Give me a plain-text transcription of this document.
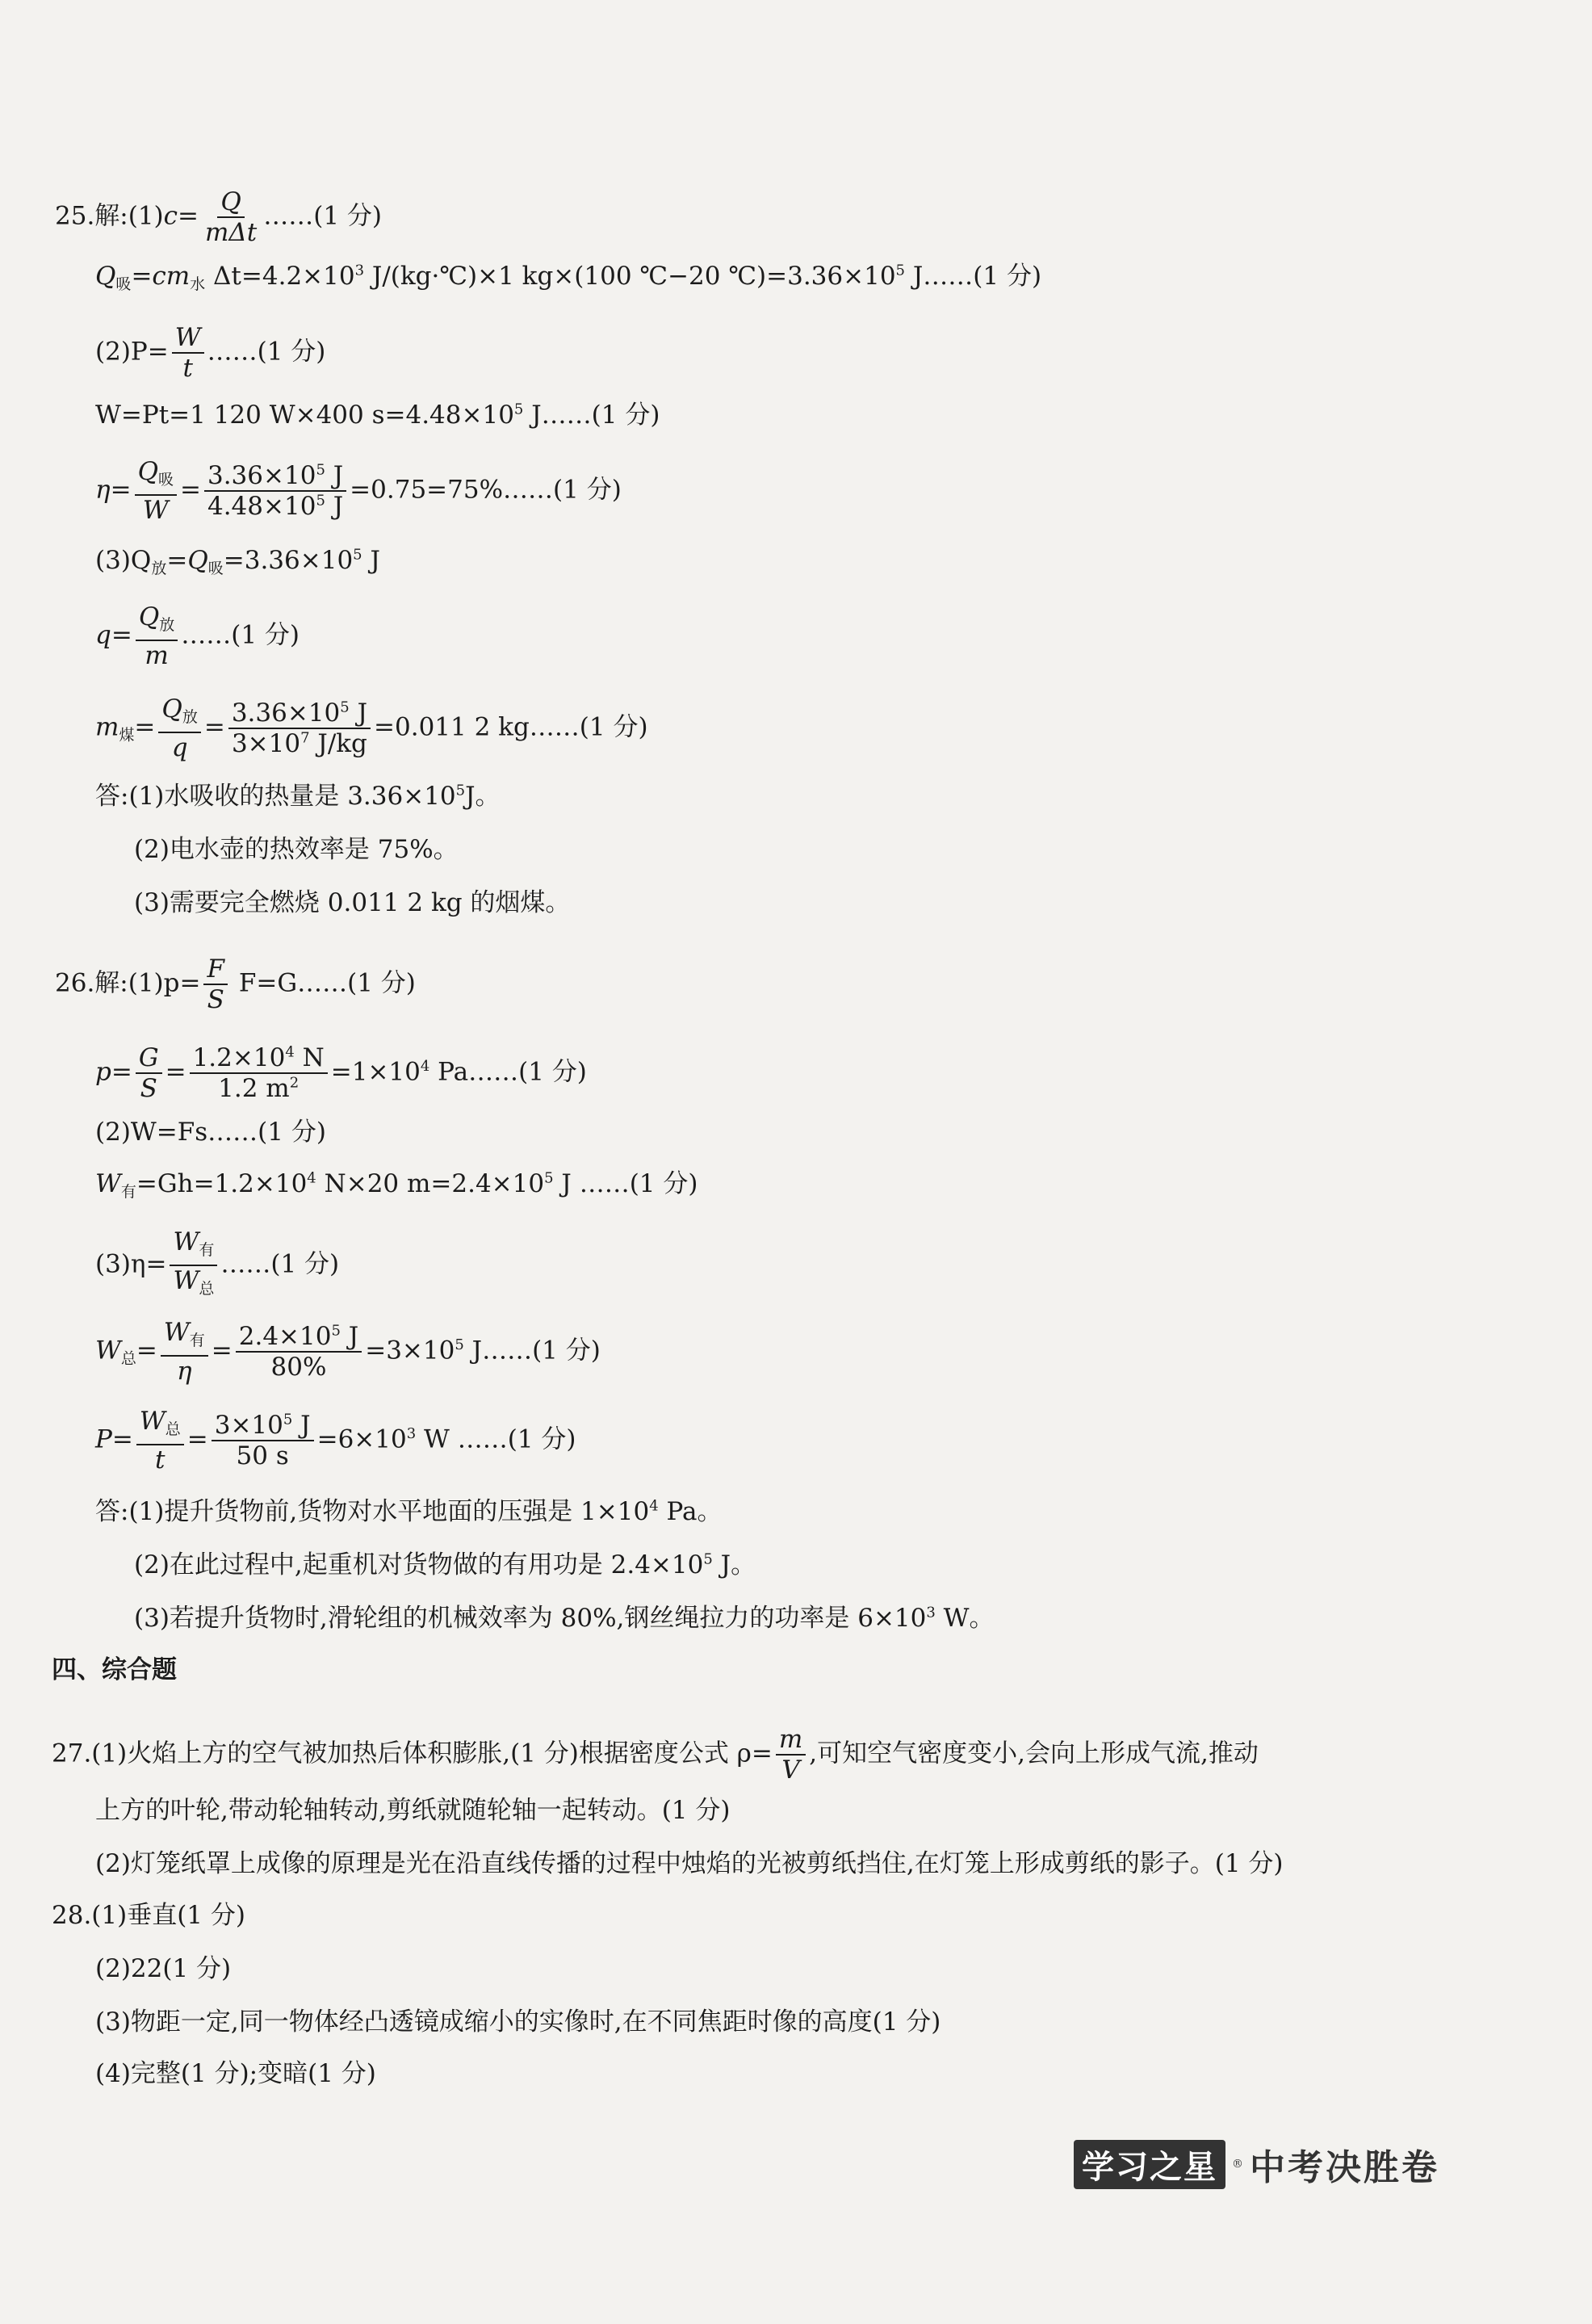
25.解:(1)c= $\frac{Q}{\text{mΔt}}$ ……(1 分)
$Q_吸=cm_水$ $\Delta t=4.2\times 10^3$ J/(kg·℃)×1 kg×(100 ℃−20 $℃)=3.36\times 10^5$ J……(1 分)
$(2)P= \frac{W}{t}$ ……(1 分)
W=Pt=1 120 W×400 $s=4.48\times 10^5$ J……(1 分)
$\eta= \frac{Q_吸}{W} = \frac{3.36\times 10^5 J}{4.48\times 10^5 J}$ =0.75=75%……(1 分)
$(3)Q_放=Q_吸=3.36\times 10^5$ J
$q= \frac{Q_放}{m}$ ……(1 分)
$m_煤= \frac{Q_放}{q} = \frac{3.36\times 10^5 J}{3\times 10^7 J/kg} =0.011$ 2 kg……(1 分)
答:(1)水吸收的热量是 $3.36\times 10^5J$。
(2)电水壶的热效率是 75%。
(3)需要完全燃烧 0.011 2 kg 的烟煤。
26.解:(1)p= $\frac{F}{S}$ F=G……(1 分)
$p= \frac{G}{S} = \frac{1.2\times 10^4 N}{1.2 m^2} =1\times 10^4$ Pa……(1 分)
(2)W=Fs……(1 分)
$W_有=Gh=1.2\times 10^4$ N×20 $m=2.4\times 10^5$ J ……(1 分)
$(3)\eta= \frac{W_有}{W_总}$ ……(1 分)
$W_总= \frac{W_有}{\eta} = \frac{2.4\times 10^5 J}{80\%} =3\times 10^5$ J……(1 分)
$P= \frac{W_总}{t} = \frac{3\times 10^5 J}{50 s} =6\times 10^3$ W ……(1 分)
答:(1)提升货物前,货物对水平地面的压强是 $1\times 10^4$ Pa。
(2)在此过程中,起重机对货物做的有用功是 $2.4\times 10^5$ J。
(3)若提升货物时,滑轮组的机械效率为 80%,钢丝绳拉力的功率是 $6\times 10^3$ W。
四、综合题
27.(1)火焰上方的空气被加热后体积膨胀,(1 分)根据密度公式 $\rho= \frac{m}{V}$ ,可知空气密度变小,会向上形成气流,推动
上方的叶轮,带动轮轴转动,剪纸就随轮轴一起转动。(1 分)
(2)灯笼纸罩上成像的原理是光在沿直线传播的过程中烛焰的光被剪纸挡住,在灯笼上形成剪纸的影子。(1 分)
28.(1)垂直(1 分)
(2)22(1 分)
(3)物距一定,同一物体经凸透镜成缩小的实像时,在不同焦距时像的高度(1 分)
(4)完整(1 分);变暗(1 分)
学习之星	® 中考决胜卷
